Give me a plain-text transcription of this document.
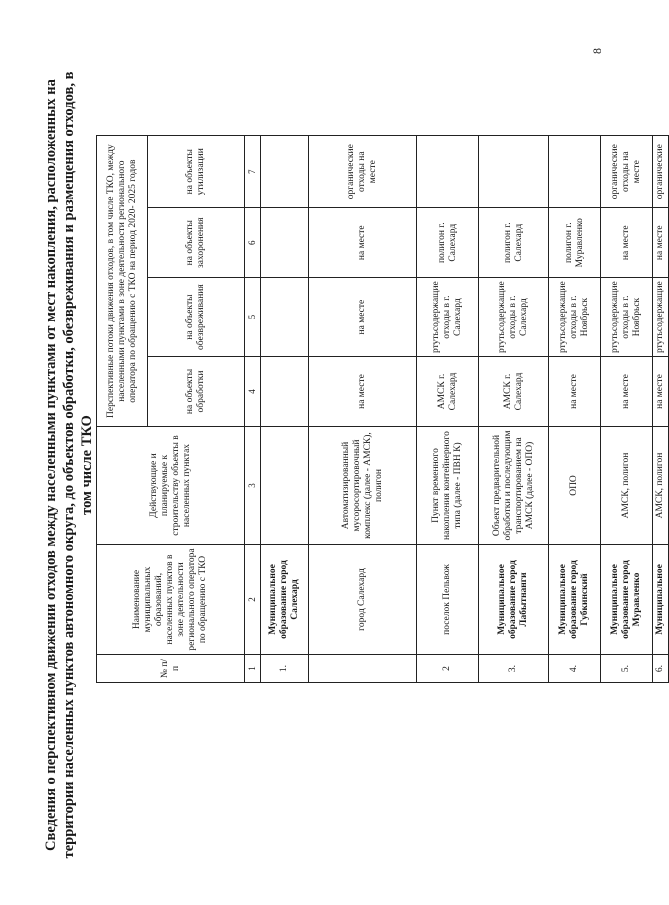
Сведения о перспективном движении отходов между населенными пунктами от мест накопления, расположенных на территории населенных пунктов автономного округа, до объектов обработки, обезвреживания и размещения отходов, в том числе ТКО
№ п/п	Наименование муниципальных образований, населенных пунктов в зоне деятельности регионального оператора по обращению с ТКО	Действующие и планируемые к строительству объекты в населенных пунктах	Перспективные потоки движения отходов, в том числе ТКО, между населенными пунктами в зоне деятельности регионального оператора по обращению с ТКО на период 2020- 2025 годов			
			на объекты обработки	на объекты обезвреживания	на объекты захоронения	на объекты утилизации
1	2	3	4	5	6	7
1.	Муниципальное образование город Салехард					
	город Салехард	Автоматизированный мусоросортировочный комплекс (далее - АМСК), полигон	на месте	на месте	на месте	органические отходы на месте
2	поселок Пельвож	Пункт временного накопления контейнерного типа (далее - ПВН К)	АМСК г. Салехард	ртутьсодержащие отходы в г. Салехард	полигон г. Салехард	
3.	Муниципальное образование город Лабытнанги	Объект предварительной обработки и последующим транспортированием на АМСК (далее - ОПО)	АМСК г. Салехард	ртутьсодержащие отходы в г. Салехард	полигон г. Салехард	
4.	Муниципальное образование город Губкинский	ОПО	на месте	ртутьсодержащие отходы в г. Ноябрьск	полигон г. Муравленко	
5.	Муниципальное образование город Муравленко	АМСК, полигон	на месте	ртутьсодержащие отходы в г. Ноябрьск	на месте	органические отходы на месте
6.	Муниципальное	АМСК, полигон	на месте	ртутьсодержащие	на месте	органические
8
